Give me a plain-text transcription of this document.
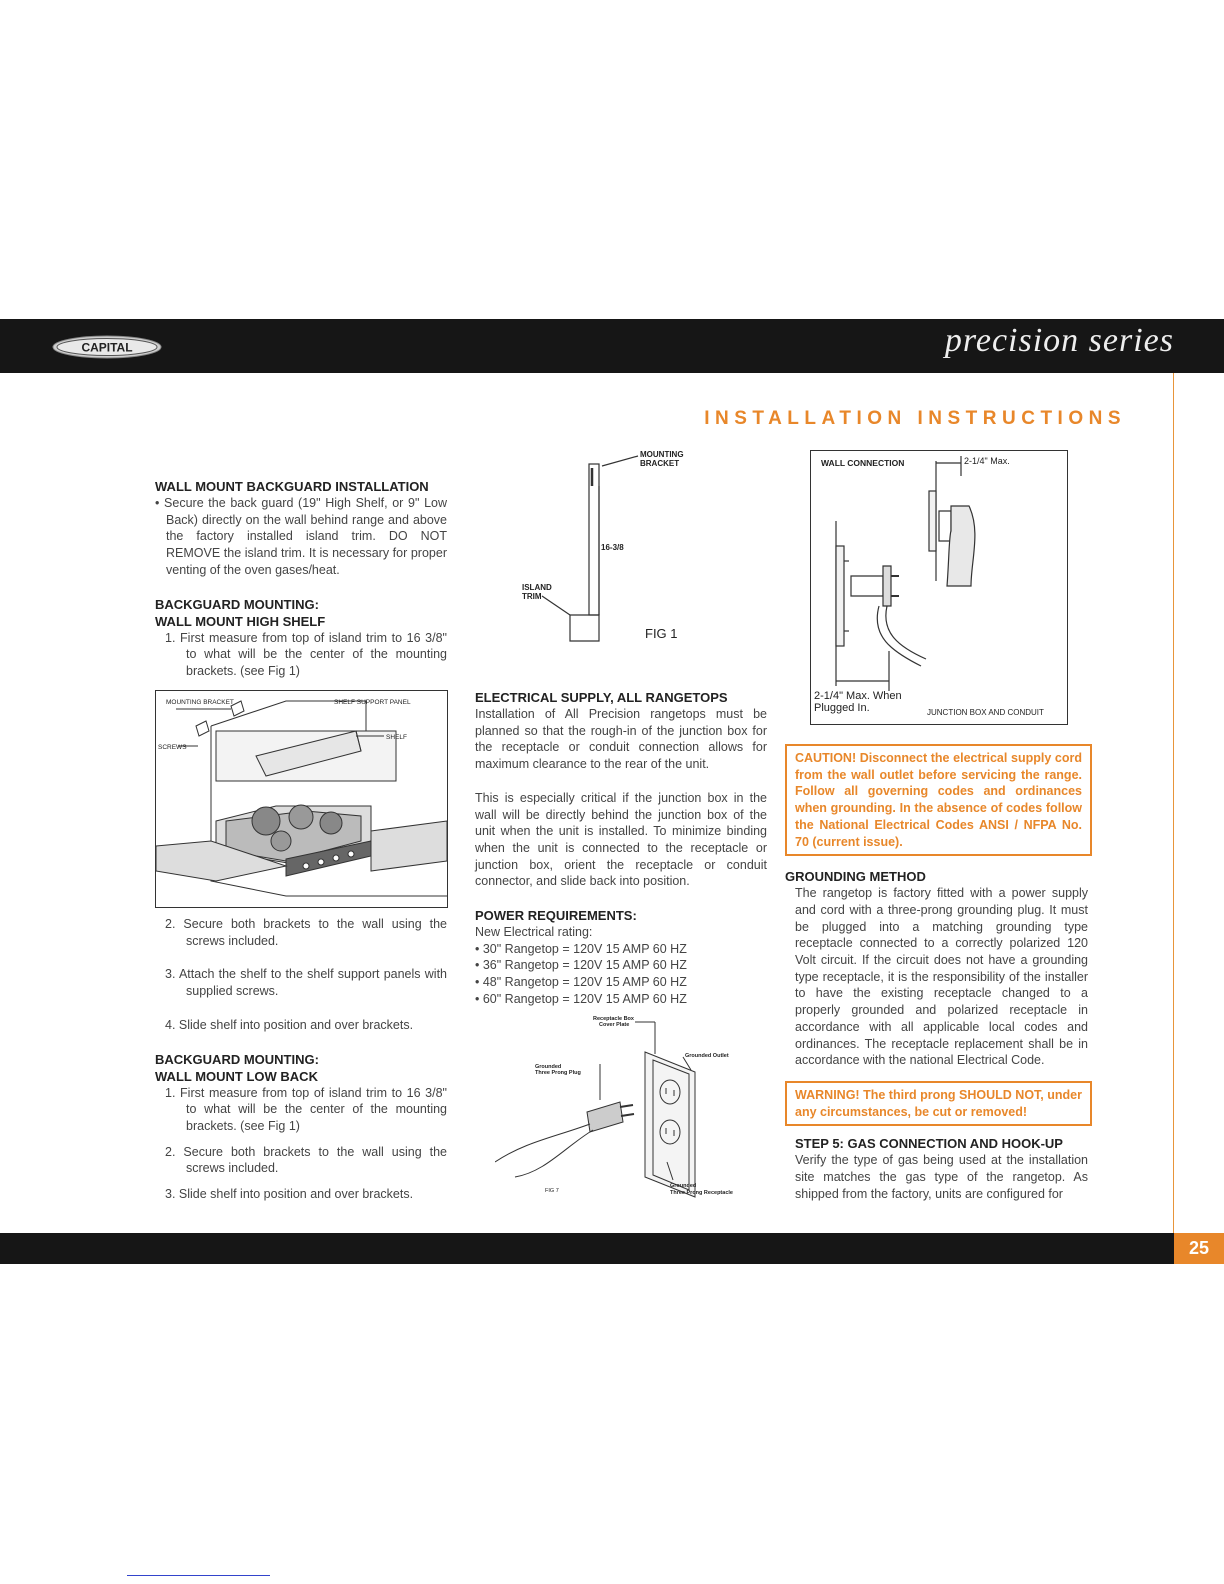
CAPITAL	precision series
INSTALLATION INSTRUCTIONS

WALL MOUNT BACKGUARD INSTALLATION

• Secure the back guard (19" High Shelf, or 9" Low Back) directly on the wall behind range and above the factory installed island trim. DO NOT REMOVE the island trim. It is necessary for proper venting of the oven gases/heat.

BACKGUARD MOUNTING:

WALL MOUNT HIGH SHELF

1. First measure from top of island trim to 16 3/8" to what will be the center of the mounting brackets. (see Fig 1)

MOUNTING BRACKET	SHELF SUPPORT PANEL
SHELF
SCREWS

2. Secure both brackets to the wall using the screws included.

3. Attach the shelf to the shelf support panels with supplied screws.

4. Slide shelf into position and over brackets.

BACKGUARD MOUNTING:

WALL MOUNT LOW BACK

1. First measure from top of island trim to 16 3/8" to what will be the center of the mounting brackets. (see Fig 1)

2. Secure both brackets to the wall using the screws included.

3. Slide shelf into position and over brackets.

MOUNTING
BRACKET
16-3/8
ISLAND
TRIM
FIG 1

ELECTRICAL SUPPLY, ALL RANGETOPS

Installation of All Precision rangetops must be planned so that the rough-in of the junction box for the receptacle or conduit connection allows for maximum clearance to the rear of the unit.

This is especially critical if the junction box in the wall will be directly behind the junction box of the unit when the unit is installed. To minimize binding when the unit is connected to the receptacle or junction box, orient the receptacle or conduit connector, and slide back into position.

POWER REQUIREMENTS:

New Electrical rating:

• 30" Rangetop = 120V 15 AMP 60 HZ

• 36" Rangetop = 120V 15 AMP 60 HZ

• 48" Rangetop = 120V 15 AMP 60 HZ

• 60" Rangetop = 120V 15 AMP 60 HZ

Receptacle Box
Cover Plate
Grounded Outlet
Grounded
Three Prong Plug
Grounded
Three Prong Receptacle
FIG 7
WALL CONNECTION	2-1/4" Max.
2-1/4" Max. When
Plugged In.	JUNCTION BOX AND CONDUIT
CAUTION! Disconnect the electrical supply cord from the wall outlet before servicing the range. Follow all governing codes and ordinances when grounding. In the absence of codes follow the National Electrical Codes ANSI / NFPA No. 70 (current issue).

GROUNDING METHOD

The rangetop is factory fitted with a power supply and cord with a three-prong grounding plug. It must be plugged into a matching grounding type receptacle connected to a correctly polarized 120 Volt circuit. If the circuit does not have a grounding type receptacle, it is the responsibility of the installer to have the existing receptacle changed to a properly grounded and polarized receptacle in accordance with all applicable local codes and ordinances. The receptacle replacement shall be in accordance with the national Electrical Code.

WARNING! The third prong SHOULD NOT, under any circumstances, be cut or removed!

STEP 5: GAS CONNECTION AND HOOK-UP

Verify the type of gas being used at the installation site matches the gas type of the rangetop. As shipped from the factory, units are configured for

25
